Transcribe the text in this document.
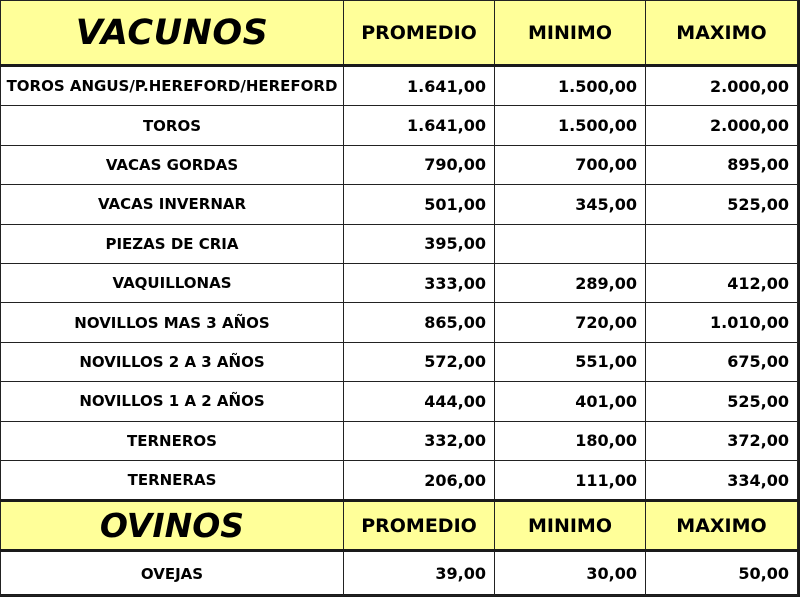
VACUNOS	PROMEDIO	MINIMO	MAXIMO
TOROS ANGUS/P.HEREFORD/HEREFORD	1.641,00	1.500,00	2.000,00
TOROS	1.641,00	1.500,00	2.000,00
VACAS GORDAS	790,00	700,00	895,00
VACAS INVERNAR	501,00	345,00	525,00
PIEZAS DE CRIA	395,00		
VAQUILLONAS	333,00	289,00	412,00
NOVILLOS MAS 3 AÑOS	865,00	720,00	1.010,00
NOVILLOS 2 A 3 AÑOS	572,00	551,00	675,00
NOVILLOS 1 A 2 AÑOS	444,00	401,00	525,00
TERNEROS	332,00	180,00	372,00
TERNERAS	206,00	111,00	334,00
OVINOS	PROMEDIO	MINIMO	MAXIMO
OVEJAS	39,00	30,00	50,00
